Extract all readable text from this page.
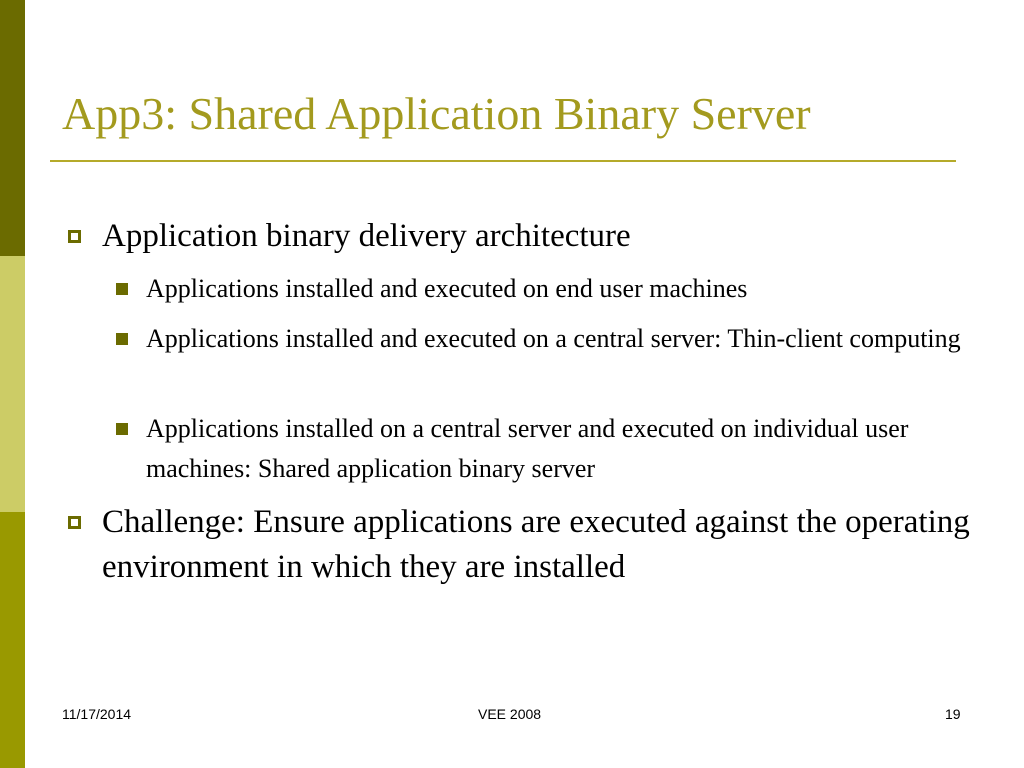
App3: Shared Application Binary Server
Application binary delivery architecture
Applications installed and executed on end user machines
Applications installed and executed on a central server: Thin-client computing
Applications installed on a central server and executed on individual user machines: Shared application binary server
Challenge: Ensure applications are executed against the operating environment in which they are installed
11/17/2014	VEE 2008	19
